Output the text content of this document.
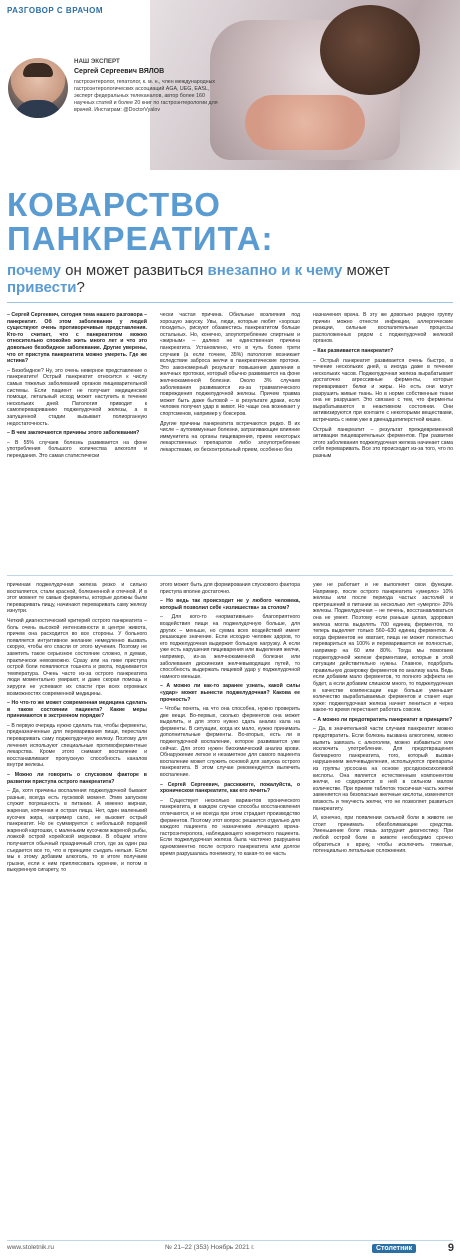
РАЗГОВОР С ВРАЧОМ
НАШ ЭКСПЕРТ
Сергей Сергеевич ВЯЛОВ
гастроэнтеролог, гепатолог, к. м. н., член международных гастроэнтерологических ассоциаций AGA, UEG, EASL, эксперт федеральных телеканалов, автор более 160 научных статей и более 20 книг по гастроэнтерологии для врачей. Инстаграм: @DoctorVyalov
КОВАРСТВО
ПАНКРЕАТИТА:
почему он может развиться внезапно и к чему может привести?

– Сергей Сергеевич, сегодня тема нашего разговора – панкреатит. Об этом заболевании у людей существуют очень противоречивые представления. Кто-то считает, что с панкреатитом можно относительно спокойно жить много лет и что это довольно безобидное заболевание. Другие уверены, что от приступа панкреатита можно умереть. Где же истина?

– Безобидное? Ну, это очень неверное представление о панкреатите! Острый панкреатит относится к числу самых тяжелых заболеваний органов пищеварительной системы. Если пациент не получает медицинской помощи, летальный исход может наступить в течение нескольких дней. Патология приводит к самоперевариванию поджелудочной железы, а в запущенной стадии вызывает полиорганную недостаточность.

– В чем заключаются причины этого заболевания?

– В 55% случаев болезнь развивается на фоне употребления большого количества алкоголя и переедания. Это самая статистически

чески частая причина. Обильные возлияния под хорошую закуску. Увы, люди, которые любят «хорошо посидеть», рискуют обзавестись панкреатитом больше остальных. Но, конечно, злоупотребление спиртным и «жирным» – далеко не единственная причина панкреатита. Установлено, что в чуть более трети случаев (а если точнее, 35%) патология возникает вследствие заброса желчи в панкреатические протоки. Это закономерный результат повышения давления в желчных протоках, который обычно развивается на фоне желчнокаменной болезни. Около 3% случаев заболевания развиваются из-за травматического повреждения поджелудочной железы. Причем травма может быть даже бытовой – в результате драки, если человек получил удар в живот. Но чаще она возникает у спортсменов, например у боксеров.

Другие причины панкреатита встречаются редко. В их числе – аутоиммунные болезни, затрагивающие влияние иммунитета на органы пищеварения, прием некоторых лекарственных препаратов либо злоупотребление лекарствами, их бесконтрольный прием, особенно без

назначения врача. В эту же довольно редкую группу причин можно отнести инфекции, аллергические реакции, сильные воспалительные процессы расположенных рядом с поджелудочной железой органов.

– Как развивается панкреатит?

– Острый панкреатит развивается очень быстро, в течение нескольких дней, а иногда даже в течение нескольких часов. Поджелудочная железа вырабатывает достаточно агрессивные ферменты, которые переваривают белки и жиры. Но есть они могут разрушить живые ткань. Но в норме собственные ткани она не разрушает. Это связано с тем, что ферменты вырабатываются в неактивном состоянии. Они активизируются при контакте с некоторыми веществами, встречаясь с ними уже в двенадцатиперстной кишке.

Острый панкреатит – результат преждевременной активации пищеварительных ферментов. При развитии этого заболевания поджелудочная железа начинает сама себя переваривать. Все это происходит из-за того, что по разным

причинам поджелудочная железа резко и сильно воспаляется, стали красной, болезненной и отечной. И в этот момент те самые ферменты, которые должны были переваривать пищу, начинают переваривать саму железу изнутри.

Четкий диагностический критерий острого панкреатита – боль очень высокой интенсивности в центре живота, причем она расходится во все стороны. У больного появляется интуитивное желание немедленно вызвать скорую, чтобы его спасли от этого мучения. Поэтому не заметить такое серьезное состояние сложно, я думаю, практически невозможно. Сразу или на пике приступа острой боли появляются тошнота и рвота, поднимается температура. Очень часто из-за острого панкреатита люди моментально умирают, и даже скорая помощь и хирурги не успевают их спасти при всех огромных возможностях современной медицины.

– Но что-то же может современная медицина сделать в таком состоянии пациента? Какие меры принимаются в экстренном порядке?

– В первую очередь нужно сделать так, чтобы ферменты, предназначенные для переваривания пищи, перестали переваривать саму поджелудочную железу. Поэтому для лечения используют специальные противоферментные лекарства. Кроме этого снимают воспаление и восстанавливают пропускную способность каналов внутри железы.

– Можно ли говорить о спусковом факторе в развитии приступа острого панкреатита?

– Да, хотя причины воспаления поджелудочной бывают разные, всегда есть пусковой момент. Этим запуском служит погрешность в питании. А именно жирная, жареная, копченая и острая пища. Нет, один маленький кусочек жира, например сало, не вызовет острый панкреатит. Но он суммируется с небольшой порцией жареной картошки, с маленьким кусочком жареной рыбы, ложкой острой корейской морковки. В общем итоге получается обычный праздничный стол, где за один раз съедается все то, что в принципе съедать нельзя. Если мы к этому добавим алкоголь, то в итоге получаем грызни, если к ним приплюсовать курение, и потом в выкуренную сигарету, то

этого может быть для формирования спускового фактора приступа вполне достаточно.

– Но ведь так происходит не у любого человека, который позволил себе «излишества» за столом?

– Для кого-то «нормативные» благоприятного воздействия пищи на поджелудочную больше, для других – меньше, но сумма всех воздействий имеет решающее значение. Если исходно человек здоров, то его поджелудочная выдержит большую нагрузку. А если уже есть нарушения пищеварения или выделения желчи, например, из-за желчнокаменной болезни или заболевания дискинезия желчевыводящих путей, то способность выдержать пищевой удар у поджелудочной намного меньше.

– А можно ли как-то заранее узнать, какой силы «удар» может вынести поджелудочная? Какова ее прочность?

– Чтобы понять, на что она способна, нужно проверить две вещи. Во-первых, сколько ферментов она может выделить, и для этого нужно сдать анализ кала на ферменты. В ситуации, когда их мало, нужно принимать дополнительные ферменты. Во-вторых, есть ли в поджелудочной воспаление, которое развивается уже сейчас. Для этого нужен биохимический анализ крови. Обнаружение легкое и незаметное для самого пациента воспаление может служить основой для запуска острого панкреатита. В этом случае рекомендуется вылечить воспаление.

– Сергей Сергеевич, расскажите, пожалуйста, о хроническом панкреатите, как его лечить?

– Существует несколько вариантов хронического панкреатита, в каждом случае способы восстановления отличаются, и не всегда при этом страдает производство ферментов. Поэтому этот вопрос решается отдельно для каждого пациента по назначению лечащего врача-гастроэнтеролога, наблюдающего конкретного пациента. Если поджелудочная железа была частично разрушена одномоментно после острого панкреатита или долгое время разрушалась понемногу, то какая-то ее часть

уже не работает и не выполняет свои функции. Например, после острого панкреатита «умерло» 10% железы или после периода частых застолий и претрешений в питании за несколько лет «умерло» 20% железы. Поджелудочная – не печень, восстанавливаться она не умеет. Поэтому если раньше целая, здоровая железа могла выделять 700 единиц ферментов, то теперь выделяет только 560–630 единиц ферментов. А когда ферментов не хватает, пища не может полностью перевариться на 100% и переваривается не полностью, например на 60 или 80%. Тогда мы помогаем поджелудочной железе ферментами, которые в этой ситуации действительно нужны. Главное, подобрать правильную дозировку ферментов по анализу кала. Ведь если добавим мало ферментов, то полного эффекта не будет, а если добавим слишком много, то поджелудочная в качестве компенсации еще больше уменьшит количество вырабатываемых ферментов и станет еще хуже: поджелудочная железа начнет лениться и через какое-то время перестанет работать совсем.

– А можно ли предотвратить панкреатит в принципе?

– Да, в значительной части случаев панкреатит можно предотвратить. Если болезнь вызвана алкоголем, можно выпить завязать с алкоголем, можно избавиться или исключить употребление. Для предотвращения билиарного панкреатита, того, который вызван нарушением желчевыделения, используются препараты из группы урсосана на основе урсодезоксихолевой кислоты. Она является естественным компонентом желчи, но содержится в ней в сильном малом количестве. При приеме таблеток токсичная часть желчи заменяется на безопасные желчные кислоты, изменяется вязкость и текучесть желчи, что не позволяет развиться панкреатиту.

И, конечно, при появлении сильной боли в животе не стоит принимать обезболивающие средства. Уменьшение боли лишь затруднит диагностику. При любой острой боли в животе необходимо срочно обратиться к врачу, чтобы исключить тяжелые, потенциально летальные осложнения.

www.stoletnik.ru	№ 21–22 (353) Ноябрь 2021 г.	Столетник	9
